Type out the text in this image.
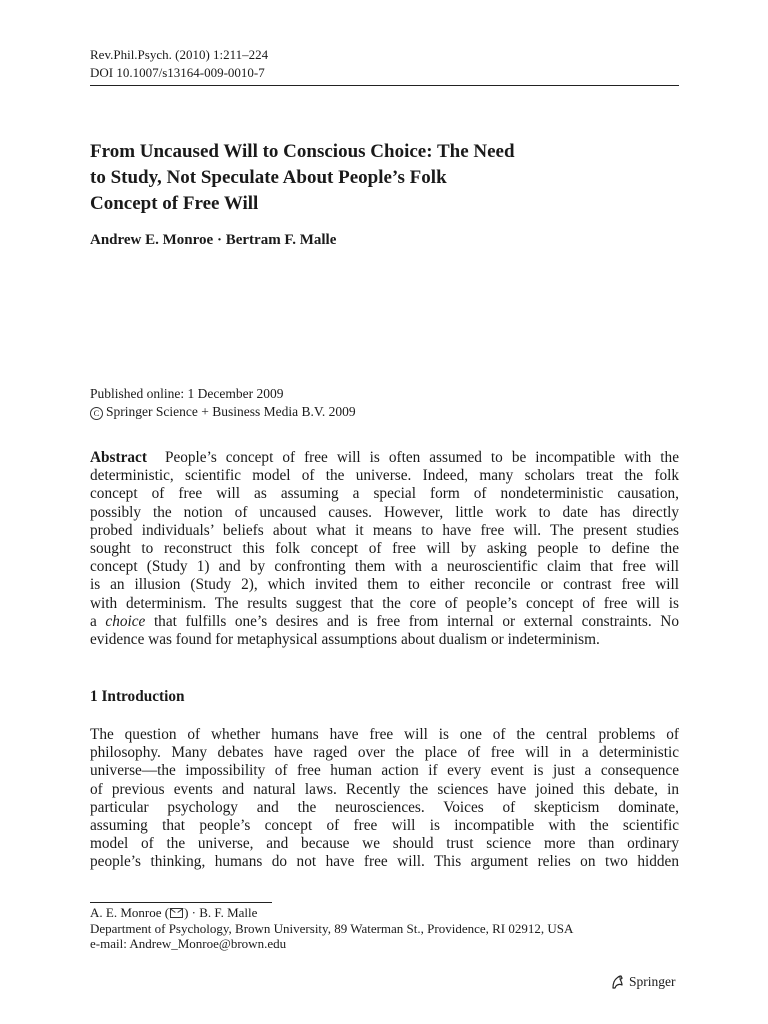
Rev.Phil.Psych. (2010) 1:211–224
DOI 10.1007/s13164-009-0010-7
From Uncaused Will to Conscious Choice: The Need
to Study, Not Speculate About People’s Folk
Concept of Free Will
Andrew E. Monroe · Bertram F. Malle
Published online: 1 December 2009
C Springer Science + Business Media B.V. 2009
Abstract People’s concept of free will is often assumed to be incompatible with the
deterministic, scientific model of the universe. Indeed, many scholars treat the folk
concept of free will as assuming a special form of nondeterministic causation,
possibly the notion of uncaused causes. However, little work to date has directly
probed individuals’ beliefs about what it means to have free will. The present studies
sought to reconstruct this folk concept of free will by asking people to define the
concept (Study 1) and by confronting them with a neuroscientific claim that free will
is an illusion (Study 2), which invited them to either reconcile or contrast free will
with determinism. The results suggest that the core of people’s concept of free will is
a choice that fulfills one’s desires and is free from internal or external constraints. No
evidence was found for metaphysical assumptions about dualism or indeterminism.
1 Introduction
The question of whether humans have free will is one of the central problems of
philosophy. Many debates have raged over the place of free will in a deterministic
universe—the impossibility of free human action if every event is just a consequence
of previous events and natural laws. Recently the sciences have joined this debate, in
particular psychology and the neurosciences. Voices of skepticism dominate,
assuming that people’s concept of free will is incompatible with the scientific
model of the universe, and because we should trust science more than ordinary
people’s thinking, humans do not have free will. This argument relies on two hidden
A. E. Monroe ( ) · B. F. Malle
Department of Psychology, Brown University, 89 Waterman St., Providence, RI 02912, USA
e-mail: Andrew_Monroe@brown.edu
Springer
